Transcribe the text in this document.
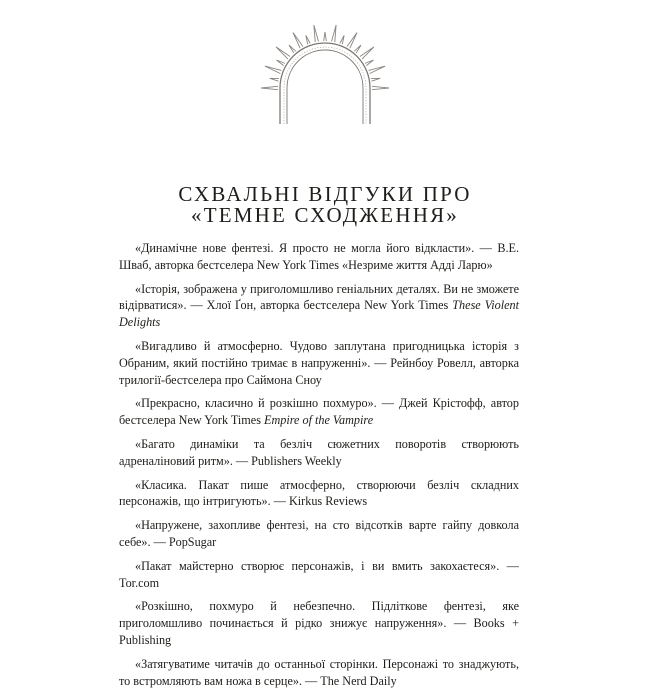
СХВАЛЬНІ ВІДГУКИ ПРО
«ТЕМНЕ СХОДЖЕННЯ»

«Динамічне нове фентезі. Я просто не могла його відкласти». — В.Е. Шваб, авторка бестселера New York Times «Незриме життя Адді Ларю»

«Історія, зображена у приголомшливо геніальних деталях. Ви не зможете відірватися». — Хлої Ґон, авторка бестселера New York Times These Violent Delights

«Вигадливо й атмосферно. Чудово заплутана пригодницька історія з Обраним, який постійно тримає в напруженні». — Рейнбоу Ровелл, авторка трилогії-бестселера про Саймона Сноу

«Прекрасно, класично й розкішно похмуро». — Джей Крістофф, автор бестселера New York Times Empire of the Vampire

«Багато динаміки та безліч сюжетних поворотів створюють адреналіновий ритм». — Publishers Weekly

«Класика. Пакат пише атмосферно, створюючи безліч складних персонажів, що інтригують». — Kirkus Reviews

«Напружене, захопливе фентезі, на сто відсотків варте гайпу довкола себе». — PopSugar

«Пакат майстерно створює персонажів, і ви вмить закохаєтеся». — Tor.com

«Розкішно, похмуро й небезпечно. Підліткове фентезі, яке приголомшливо починається й рідко знижує напруження». — Books + Publishing

«Затягуватиме читачів до останньої сторінки. Персонажі то знаджують, то встромляють вам ножа в серце». — The Nerd Daily
